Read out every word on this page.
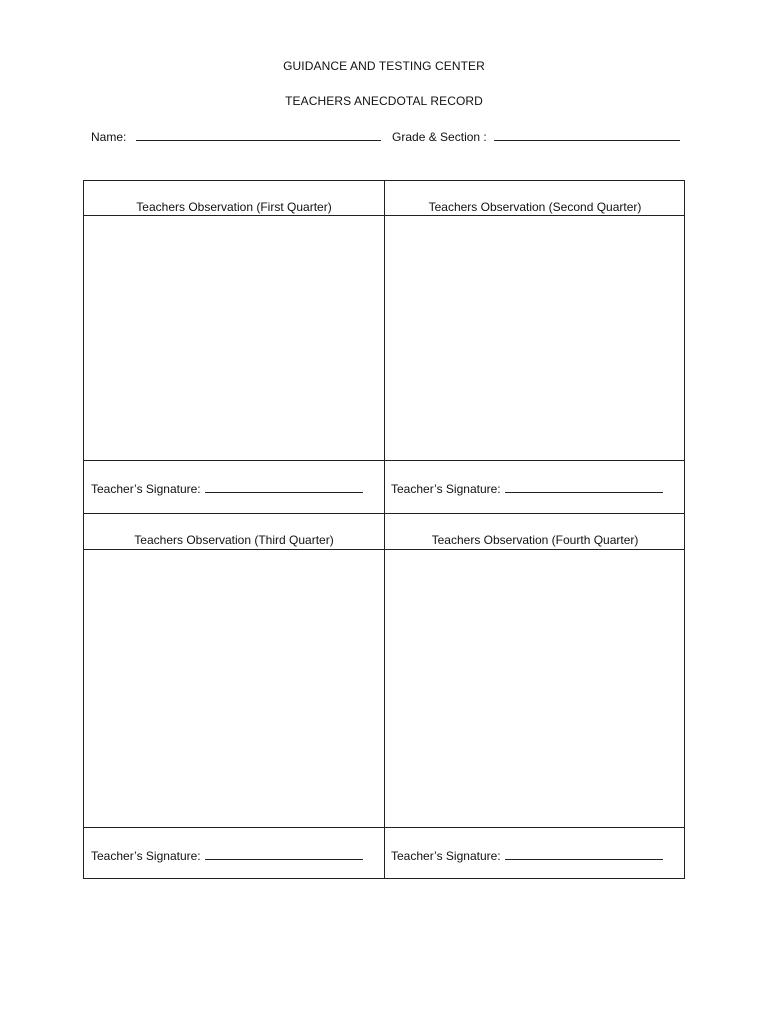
GUIDANCE AND TESTING CENTER
TEACHERS ANECDOTAL RECORD
Name:	Grade & Section :
Teachers Observation (First Quarter)
Teacher’s Signature:
Teachers Observation (Second Quarter)
Teacher’s Signature:
Teachers Observation (Third Quarter)
Teacher’s Signature:
Teachers Observation (Fourth Quarter)
Teacher’s Signature:
